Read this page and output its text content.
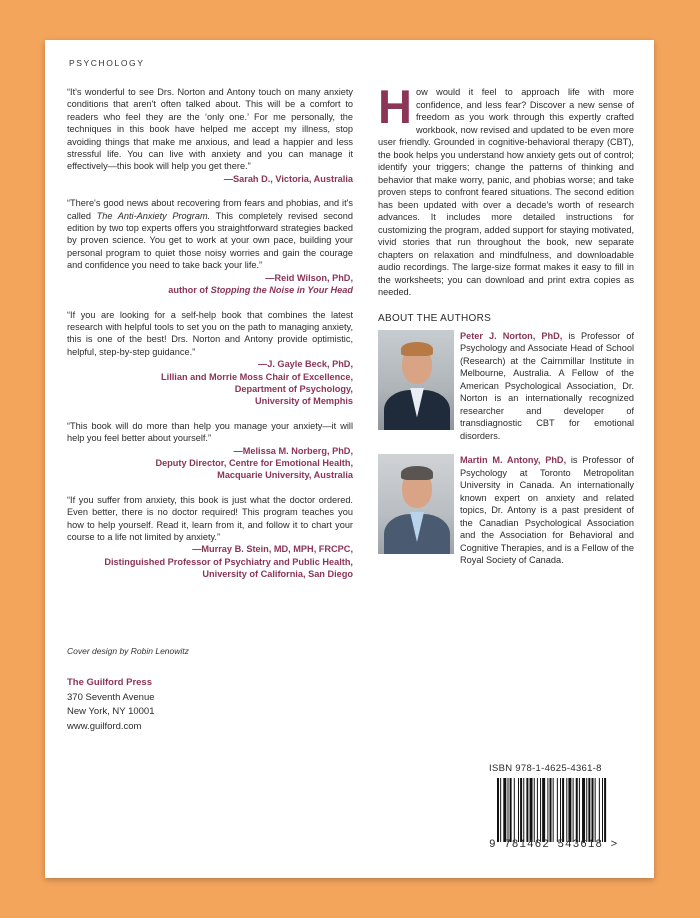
PSYCHOLOGY
“It's wonderful to see Drs. Norton and Antony touch on many anxiety conditions that aren't often talked about. This will be a comfort to readers who feel they are the ‘only one.’ For me personally, the techniques in this book have helped me accept my illness, stop avoiding things that make me anxious, and lead a happier and less stressful life. You can live with anxiety and you can manage it effectively—this book will help you get there.”
—Sarah D., Victoria, Australia
“There's good news about recovering from fears and phobias, and it's called The Anti-Anxiety Program. This completely revised second edition by two top experts offers you straightforward strategies backed by proven science. You get to work at your own pace, building your personal program to quiet those noisy worries and gain the courage and confidence you need to take back your life.”
—Reid Wilson, PhD,
author of Stopping the Noise in Your Head
“If you are looking for a self-help book that combines the latest research with helpful tools to set you on the path to managing anxiety, this is one of the best! Drs. Norton and Antony provide optimistic, helpful, step-by-step guidance.”
—J. Gayle Beck, PhD,
Lillian and Morrie Moss Chair of Excellence,
Department of Psychology,
University of Memphis
“This book will do more than help you manage your anxiety—it will help you feel better about yourself.”
—Melissa M. Norberg, PhD,
Deputy Director, Centre for Emotional Health,
Macquarie University, Australia
“If you suffer from anxiety, this book is just what the doctor ordered. Even better, there is no doctor required! This program teaches you how to help yourself. Read it, learn from it, and follow it to chart your course to a life not limited by anxiety.”
—Murray B. Stein, MD, MPH, FRCPC,
Distinguished Professor of Psychiatry and Public Health,
University of California, San Diego
How would it feel to approach life with more confidence, and less fear? Discover a new sense of freedom as you work through this expertly crafted workbook, now revised and updated to be even more user friendly. Grounded in cognitive-behavioral therapy (CBT), the book helps you understand how anxiety gets out of control; identify your triggers; change the patterns of thinking and behavior that make worry, panic, and phobias worse; and take proven steps to confront feared situations. The second edition has been updated with over a decade's worth of research advances. It includes more detailed instructions for customizing the program, added support for staying motivated, vivid stories that run throughout the book, new separate chapters on relaxation and mindfulness, and downloadable audio recordings. The large-size format makes it easy to fill in the worksheets; you can download and print extra copies as needed.
ABOUT THE AUTHORS
Peter J. Norton, PhD, is Professor of Psychology and Associate Head of School (Research) at the Cairnmillar Institute in Melbourne, Australia. A Fellow of the American Psychological Association, Dr. Norton is an internationally recognized researcher and developer of transdiagnostic CBT for emotional disorders.
Martin M. Antony, PhD, is Professor of Psychology at Toronto Metropolitan University in Canada. An internationally known expert on anxiety and related topics, Dr. Antony is a past president of the Canadian Psychological Association and the Association for Behavioral and Cognitive Therapies, and is a Fellow of the Royal Society of Canada.
Cover design by Robin Lenowitz
The Guilford Press
370 Seventh Avenue
New York, NY 10001
www.guilford.com
ISBN 978-1-4625-4361-8
9 781462 543618 >
